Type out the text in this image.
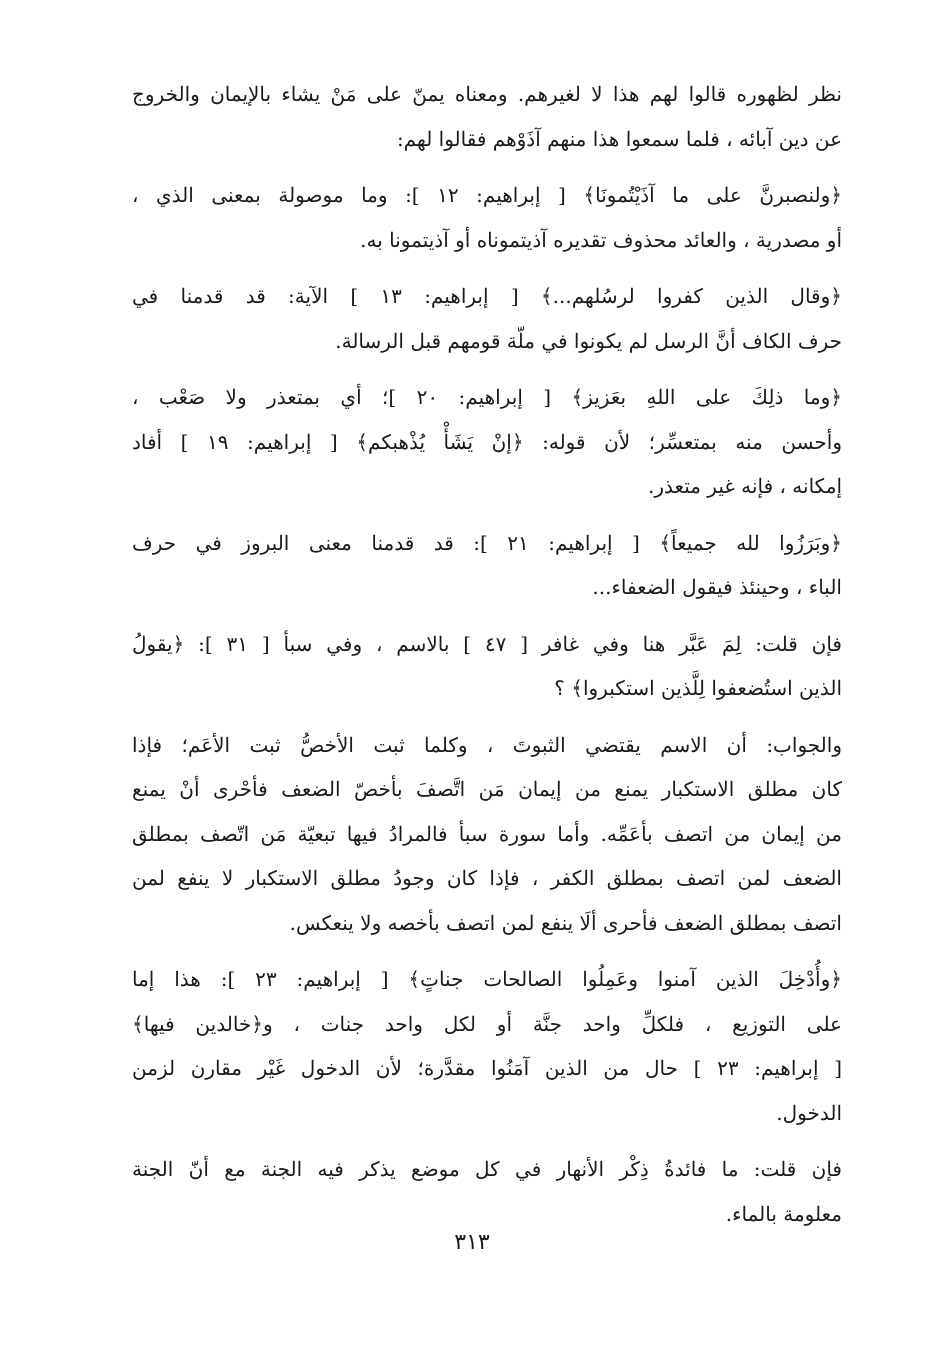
نظر لظهوره قالوا لهم هذا لا لغيرهم. ومعناه يمنّ على مَنْ يشاء بالإيمان والخروج
عن دين آبائه ، فلما سمعوا هذا منهم آذَوْهم فقالوا لهم:
﴿ولنصبرنَّ على ما آذَيْتُمونَا﴾ [ إبراهيم: ١٢ ]: وما موصولة بمعنى الذي ،
أو مصدرية ، والعائد محذوف تقديره آذيتموناه أو آذيتمونا به.
﴿وقال الذين كفروا لرسُلهم...﴾ [ إبراهيم: ١٣ ] الآية: قد قدمنا في
حرف الكاف أنَّ الرسل لم يكونوا في ملّة قومهم قبل الرسالة.
﴿وما ذلِكَ على اللهِ بعَزيز﴾ [ إبراهيم: ٢٠ ]؛ أي بمتعذر ولا صَعْب ،
وأحسن منه بمتعسِّر؛ لأن قوله: ﴿إنْ يَشَأْ يُذْهبكم﴾ [ إبراهيم: ١٩ ] أفاد
إمكانه ، فإنه غير متعذر.
﴿وبَرَزُوا لله جميعاً﴾ [ إبراهيم: ٢١ ]: قد قدمنا معنى البروز في حرف
الباء ، وحينئذ فيقول الضعفاء...
فإن قلت: لِمَ عَبَّر هنا وفي غافر [ ٤٧ ] بالاسم ، وفي سبأ [ ٣١ ]: ﴿يقولُ
الذين استُضعفوا لِلَّذين استكبروا﴾ ؟
والجواب: أن الاسم يقتضي الثبوتَ ، وكلما ثبت الأخصُّ ثبت الأعَم؛ فإذا
كان مطلق الاستكبار يمنع من إيمان مَن اتَّصفَ بأخصّ الضعف فأحْرى أنْ يمنع
من إيمان من اتصف بأعَمِّه. وأما سورة سبأ فالمرادُ فيها تبعيّة مَن اتّصف بمطلق
الضعف لمن اتصف بمطلق الكفر ، فإذا كان وجودُ مطلق الاستكبار لا ينفع لمن
اتصف بمطلق الضعف فأحرى ألَا ينفع لمن اتصف بأخصه ولا ينعكس.
﴿وأُدْخِلَ الذين آمنوا وعَمِلُوا الصالحات جناتٍ﴾ [ إبراهيم: ٢٣ ]: هذا إما
على التوزيع ، فلكلِّ واحد جنَّة أو لكل واحد جنات ، و﴿خالدين فيها﴾
[ إبراهيم: ٢٣ ] حال من الذين آمَنُوا مقدَّرة؛ لأن الدخول غَيْر مقارن لزمن
الدخول.
فإن قلت: ما فائدةُ ذِكْر الأنهار في كل موضع يذكر فيه الجنة مع أنّ الجنة
معلومة بالماء.
٣١٣
